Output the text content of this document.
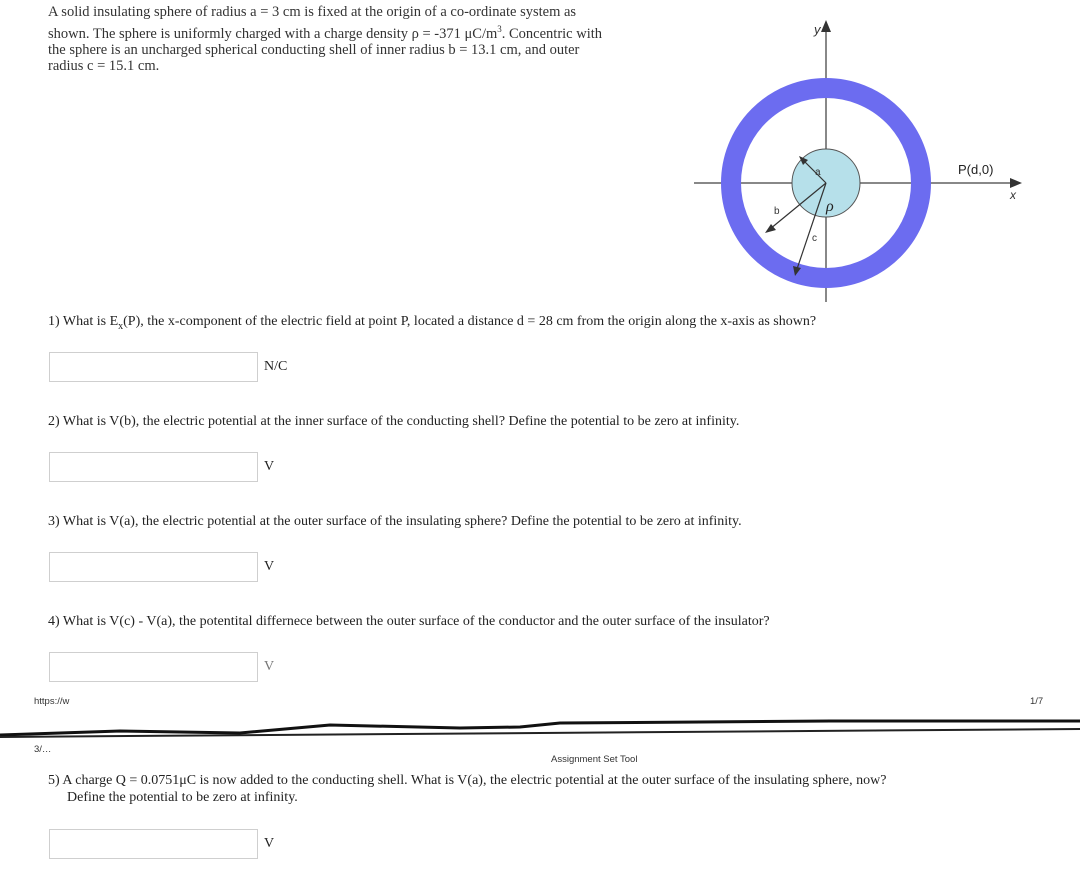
A solid insulating sphere of radius a = 3 cm is fixed at the origin of a co-ordinate system as
shown. The sphere is uniformly charged with a charge density ρ = -371 $\mu C/m^3$. Concentric with
the sphere is an uncharged spherical conducting shell of inner radius b = 13.1 cm, and outer
radius c = 15.1 cm.
y
x
P(d,0)
a
b
c
ρ
1) What is $E_x(P)$, the x-component of the electric field at point P, located a distance d = 28 cm from the origin along the x-axis as shown?
N/C
2) What is V(b), the electric potential at the inner surface of the conducting shell? Define the potential to be zero at infinity.
V
3) What is V(a), the electric potential at the outer surface of the insulating sphere? Define the potential to be zero at infinity.
V
4) What is V(c) - V(a), the potentital differnece between the outer surface of the conductor and the outer surface of the insulator?
V
https://w	1/7
3/…
Assignment Set Tool
5) A charge Q = 0.0751μC is now added to the conducting shell. What is V(a), the electric potential at the outer surface of the insulating sphere, now?
Define the potential to be zero at infinity.
V
